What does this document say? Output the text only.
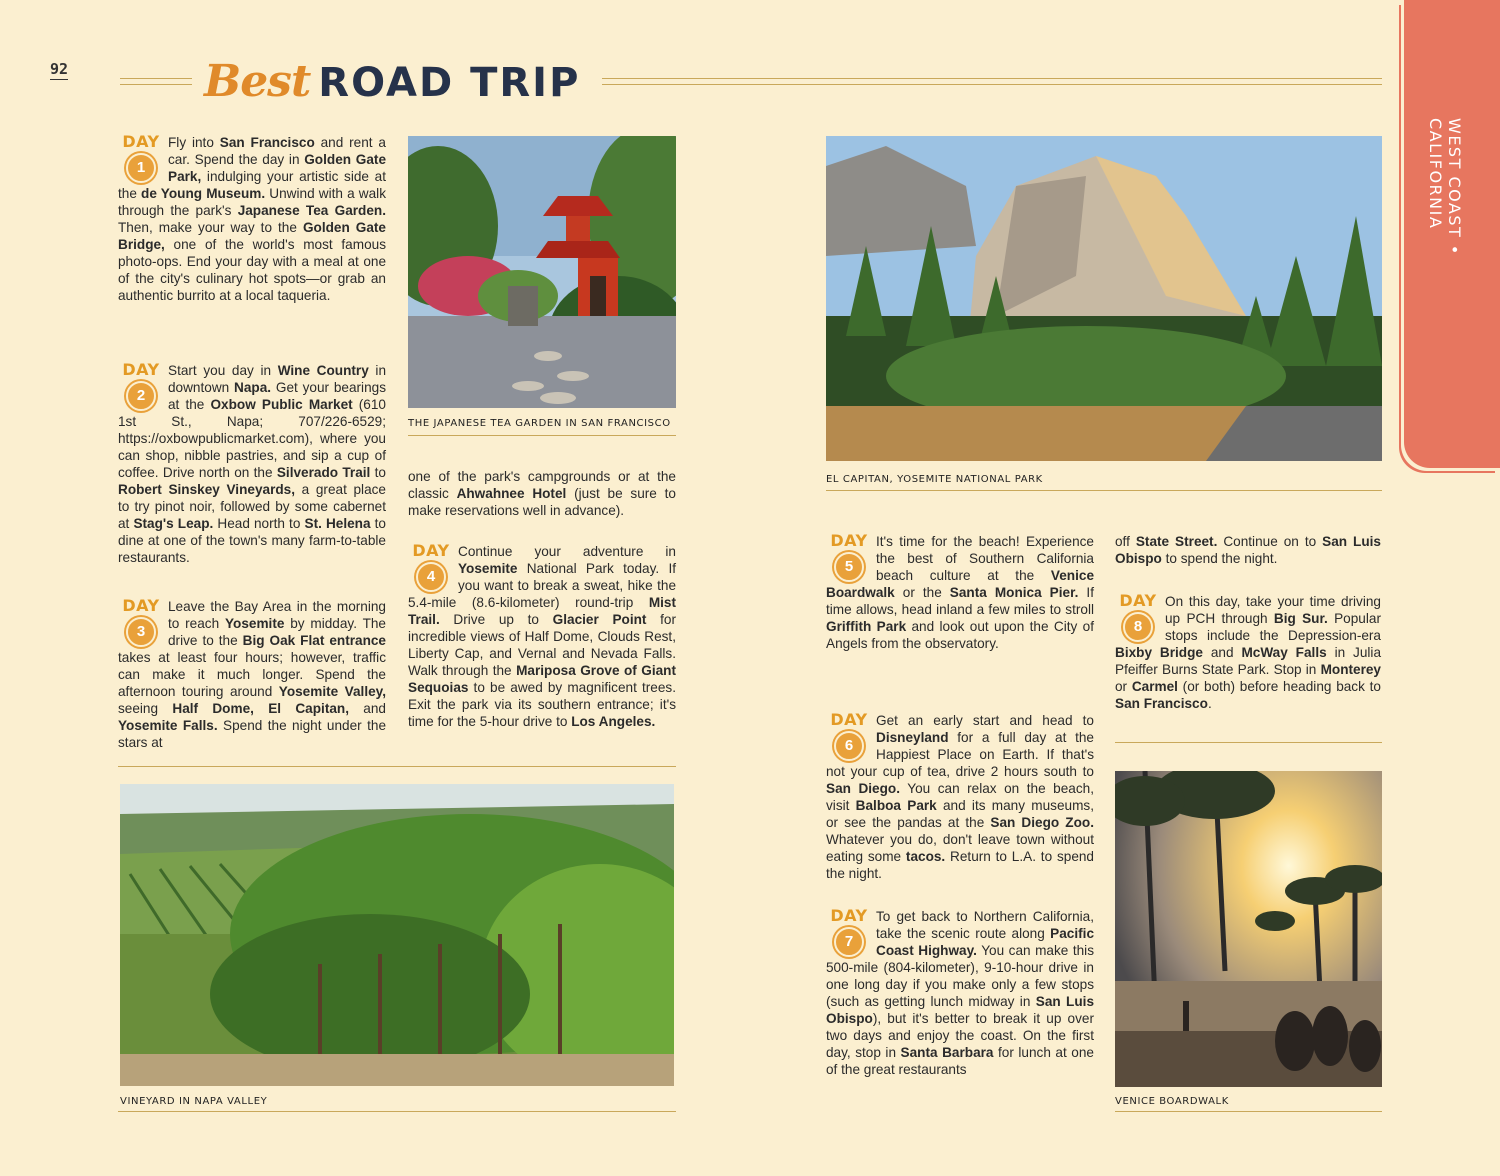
92	Best ROAD TRIP
WEST COAST • CALIFORNIA
DAY
1

Fly into San Francisco and rent a car. Spend the day in Golden Gate Park, indulging your artistic side at the de Young Museum. Unwind with a walk through the park's Japanese Tea Garden. Then, make your way to the Golden Gate Bridge, one of the world's most famous photo-ops. End your day with a meal at one of the city's culinary hot spots—or grab an authentic burrito at a local taqueria.

DAY
2

Start you day in Wine Country in downtown Napa. Get your bearings at the Oxbow Public Market (610 1st St., Napa; 707/226-6529; https://oxbowpublicmarket.com), where you can shop, nibble pastries, and sip a cup of coffee. Drive north on the Silverado Trail to Robert Sinskey Vineyards, a great place to try pinot noir, followed by some cabernet at Stag's Leap. Head north to St. Helena to dine at one of the town's many farm-to-table restaurants.

DAY
3

Leave the Bay Area in the morning to reach Yosemite by midday. The drive to the Big Oak Flat entrance takes at least four hours; however, traffic can make it much longer. Spend the afternoon touring around Yosemite Valley, seeing Half Dome, El Capitan, and Yosemite Falls. Spend the night under the stars at

THE JAPANESE TEA GARDEN IN SAN FRANCISCO

one of the park's campgrounds or at the classic Ahwahnee Hotel (just be sure to make reservations well in advance).

DAY
4

Continue your adventure in Yosemite National Park today. If you want to break a sweat, hike the 5.4-mile (8.6-kilometer) round-trip Mist Trail. Drive up to Glacier Point for incredible views of Half Dome, Clouds Rest, Liberty Cap, and Vernal and Nevada Falls. Walk through the Mariposa Grove of Giant Sequoias to be awed by magnificent trees. Exit the park via its southern entrance; it's time for the 5-hour drive to Los Angeles.

VINEYARD IN NAPA VALLEY
EL CAPITAN, YOSEMITE NATIONAL PARK
DAY
5

It's time for the beach! Experience the best of Southern California beach culture at the Venice Boardwalk or the Santa Monica Pier. If time allows, head inland a few miles to stroll Griffith Park and look out upon the City of Angels from the observatory.

DAY
6

Get an early start and head to Disneyland for a full day at the Happiest Place on Earth. If that's not your cup of tea, drive 2 hours south to San Diego. You can relax on the beach, visit Balboa Park and its many museums, or see the pandas at the San Diego Zoo. Whatever you do, don't leave town without eating some tacos. Return to L.A. to spend the night.

DAY
7

To get back to Northern California, take the scenic route along Pacific Coast Highway. You can make this 500-mile (804-kilometer), 9-10-hour drive in one long day if you make only a few stops (such as getting lunch midway in San Luis Obispo), but it's better to break it up over two days and enjoy the coast. On the first day, stop in Santa Barbara for lunch at one of the great restaurants

off State Street. Continue on to San Luis Obispo to spend the night.

DAY
8

On this day, take your time driving up PCH through Big Sur. Popular stops include the Depression-era Bixby Bridge and McWay Falls in Julia Pfeiffer Burns State Park. Stop in Monterey or Carmel (or both) before heading back to San Francisco.

VENICE BOARDWALK
